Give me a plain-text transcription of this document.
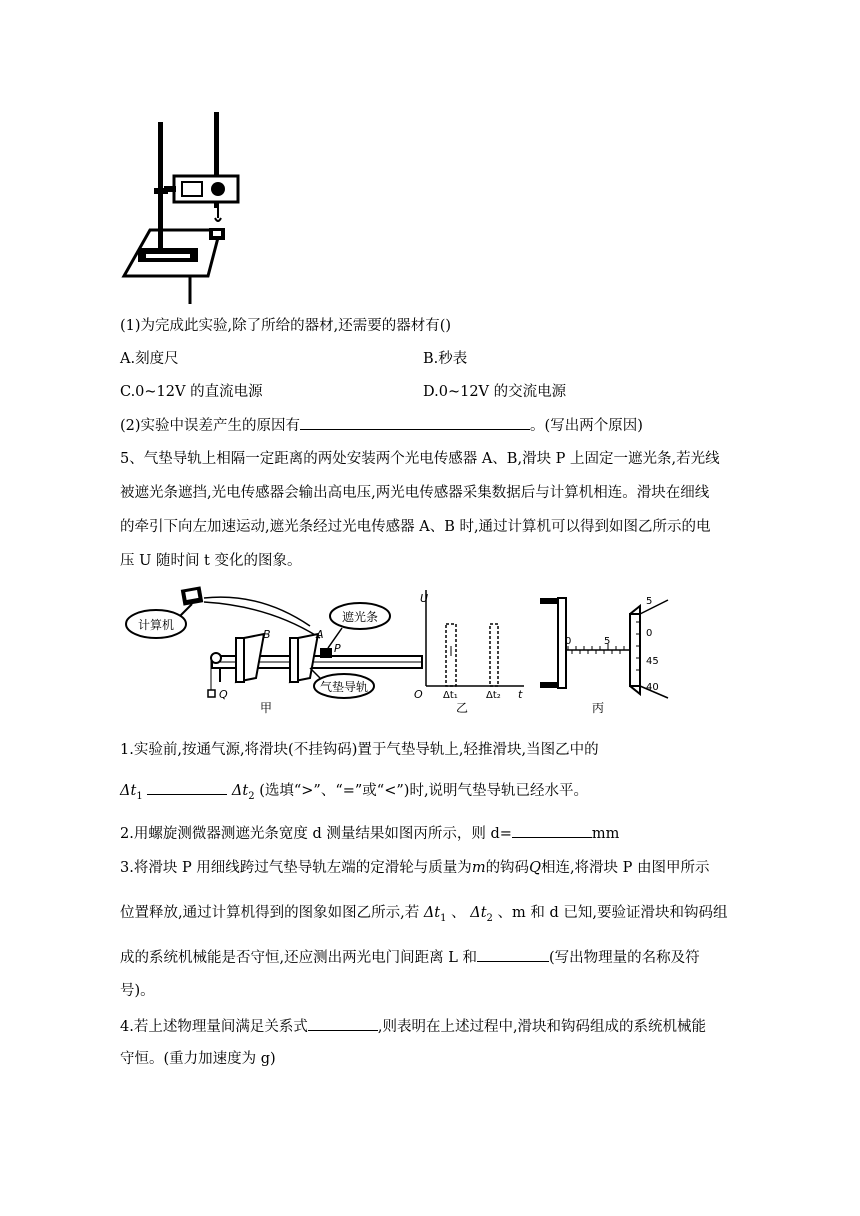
(1)为完成此实验,除了所给的器材,还需要的器材有()
A.刻度尺	B.秒表
C.0~12V 的直流电源	D.0~12V 的交流电源
(2)实验中误差产生的原因有	。(写出两个原因)
5、气垫导轨上相隔一定距离的两处安装两个光电传感器 A、B,滑块 P 上固定一遮光条,若光线
被遮光条遮挡,光电传感器会输出高电压,两光电传感器采集数据后与计算机相连。滑块在细线
的牵引下向左加速运动,遮光条经过光电传感器 A、B 时,通过计算机可以得到如图乙所示的电
压 U 随时间 t 变化的图象。
计算机
Q
B	A
P
遮光条
气垫导轨
甲
U
t
O Δt₁	Δt₂
乙
0	5
5
0
45
40
丙
1.实验前,按通气源,将滑块(不挂钩码)置于气垫导轨上,轻推滑块,当图乙中的
$\Delta t_1$	$\Delta t_2$ (选填“>”、“=”或“<”)时,说明气垫导轨已经水平。
2.用螺旋测微器测遮光条宽度 d 测量结果如图丙所示，则 d=	mm
3.将滑块 P 用细线跨过气垫导轨左端的定滑轮与质量为m的钩码Q相连,将滑块 P 由图甲所示
位置释放,通过计算机得到的图象如图乙所示,若 $\Delta t_1$ 、 $\Delta t_2$ 、m 和 d 已知,要验证滑块和钩码组
成的系统机械能是否守恒,还应测出两光电门间距离 L 和	(写出物理量的名称及符
号)。
4.若上述物理量间满足关系式	,则表明在上述过程中,滑块和钩码组成的系统机械能
守恒。(重力加速度为 g)
